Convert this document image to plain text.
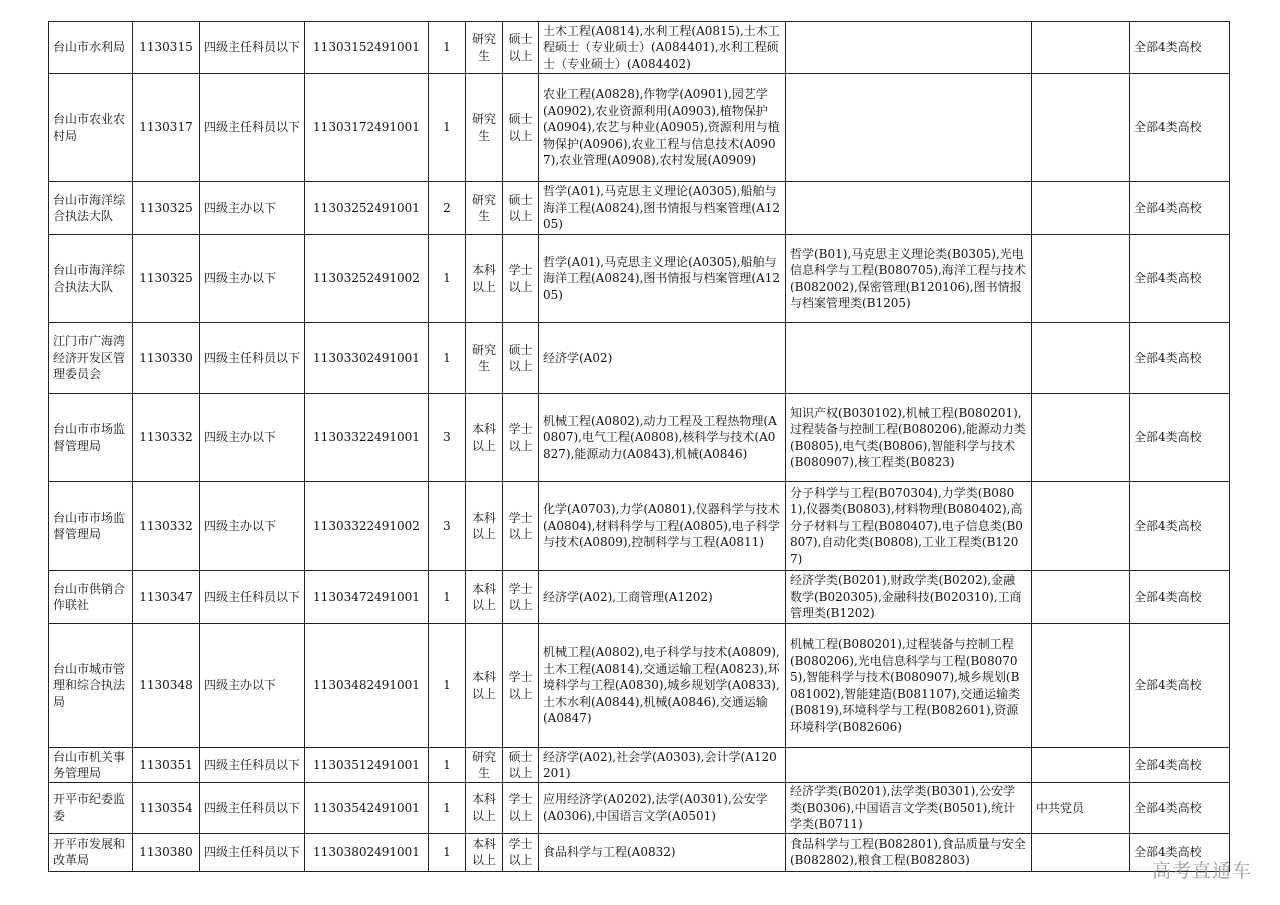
台山市水利局	1130315	四级主任科员以下	11303152491001	1	研究生	硕士以上	土木工程(A0814),水利工程(A0815),土木工程硕士（专业硕士）(A084401),水利工程硕士（专业硕士）(A084402)			全部4类高校
台山市农业农村局	1130317	四级主任科员以下	11303172491001	1	研究生	硕士以上	农业工程(A0828),作物学(A0901),园艺学(A0902),农业资源利用(A0903),植物保护(A0904),农艺与种业(A0905),资源利用与植物保护(A0906),农业工程与信息技术(A0907),农业管理(A0908),农村发展(A0909)			全部4类高校
台山市海洋综合执法大队	1130325	四级主办以下	11303252491001	2	研究生	硕士以上	哲学(A01),马克思主义理论(A0305),船舶与海洋工程(A0824),图书情报与档案管理(A1205)			全部4类高校
台山市海洋综合执法大队	1130325	四级主办以下	11303252491002	1	本科以上	学士以上	哲学(A01),马克思主义理论(A0305),船舶与海洋工程(A0824),图书情报与档案管理(A1205)	哲学(B01),马克思主义理论类(B0305),光电信息科学与工程(B080705),海洋工程与技术(B082002),保密管理(B120106),图书情报与档案管理类(B1205)		全部4类高校
江门市广海湾经济开发区管理委员会	1130330	四级主任科员以下	11303302491001	1	研究生	硕士以上	经济学(A02)			全部4类高校
台山市市场监督管理局	1130332	四级主办以下	11303322491001	3	本科以上	学士以上	机械工程(A0802),动力工程及工程热物理(A0807),电气工程(A0808),核科学与技术(A0827),能源动力(A0843),机械(A0846)	知识产权(B030102),机械工程(B080201),过程装备与控制工程(B080206),能源动力类(B0805),电气类(B0806),智能科学与技术(B080907),核工程类(B0823)		全部4类高校
台山市市场监督管理局	1130332	四级主办以下	11303322491002	3	本科以上	学士以上	化学(A0703),力学(A0801),仪器科学与技术(A0804),材料科学与工程(A0805),电子科学与技术(A0809),控制科学与工程(A0811)	分子科学与工程(B070304),力学类(B0801),仪器类(B0803),材料物理(B080402),高分子材料与工程(B080407),电子信息类(B0807),自动化类(B0808),工业工程类(B1207)		全部4类高校
台山市供销合作联社	1130347	四级主任科员以下	11303472491001	1	本科以上	学士以上	经济学(A02),工商管理(A1202)	经济学类(B0201),财政学类(B0202),金融数学(B020305),金融科技(B020310),工商管理类(B1202)		全部4类高校
台山市城市管理和综合执法局	1130348	四级主办以下	11303482491001	1	本科以上	学士以上	机械工程(A0802),电子科学与技术(A0809),土木工程(A0814),交通运输工程(A0823),环境科学与工程(A0830),城乡规划学(A0833),土木水利(A0844),机械(A0846),交通运输(A0847)	机械工程(B080201),过程装备与控制工程(B080206),光电信息科学与工程(B080705),智能科学与技术(B080907),城乡规划(B081002),智能建造(B081107),交通运输类(B0819),环境科学与工程(B082601),资源环境科学(B082606)		全部4类高校
台山市机关事务管理局	1130351	四级主任科员以下	11303512491001	1	研究生	硕士以上	经济学(A02),社会学(A0303),会计学(A120201)			全部4类高校
开平市纪委监委	1130354	四级主任科员以下	11303542491001	1	本科以上	学士以上	应用经济学(A0202),法学(A0301),公安学(A0306),中国语言文学(A0501)	经济学类(B0201),法学类(B0301),公安学类(B0306),中国语言文学类(B0501),统计学类(B0711)	中共党员	全部4类高校
开平市发展和改革局	1130380	四级主任科员以下	11303802491001	1	本科以上	学士以上	食品科学与工程(A0832)	食品科学与工程(B082801),食品质量与安全(B082802),粮食工程(B082803)		全部4类高校
高考直通车
